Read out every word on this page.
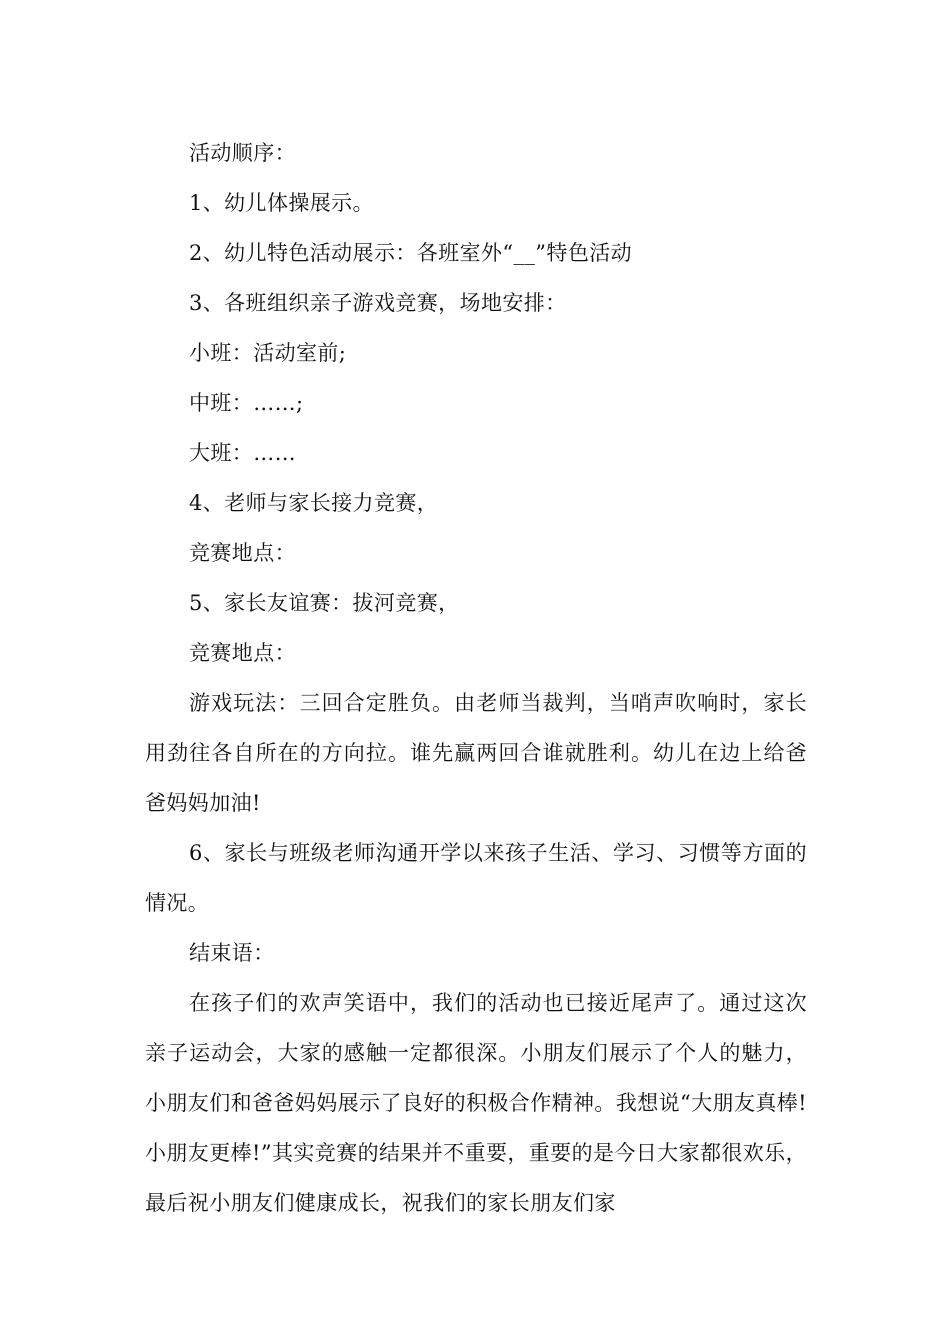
活动顺序：

1、幼儿体操展示。

2、幼儿特色活动展示：各班室外“__”特色活动

3、各班组织亲子游戏竞赛，场地安排：

小班：活动室前;

中班：……;

大班：……

4、老师与家长接力竞赛，

竞赛地点：

5、家长友谊赛：拔河竞赛，

竞赛地点：

游戏玩法：三回合定胜负。由老师当裁判，当哨声吹响时，家长用劲往各自所在的方向拉。谁先赢两回合谁就胜利。幼儿在边上给爸爸妈妈加油!

6、家长与班级老师沟通开学以来孩子生活、学习、习惯等方面的情况。

结束语：

在孩子们的欢声笑语中，我们的活动也已接近尾声了。通过这次亲子运动会，大家的感触一定都很深。小朋友们展示了个人的魅力，小朋友们和爸爸妈妈展示了良好的积极合作精神。我想说“大朋友真棒!小朋友更棒!”其实竞赛的结果并不重要，重要的是今日大家都很欢乐，最后祝小朋友们健康成长，祝我们的家长朋友们家
